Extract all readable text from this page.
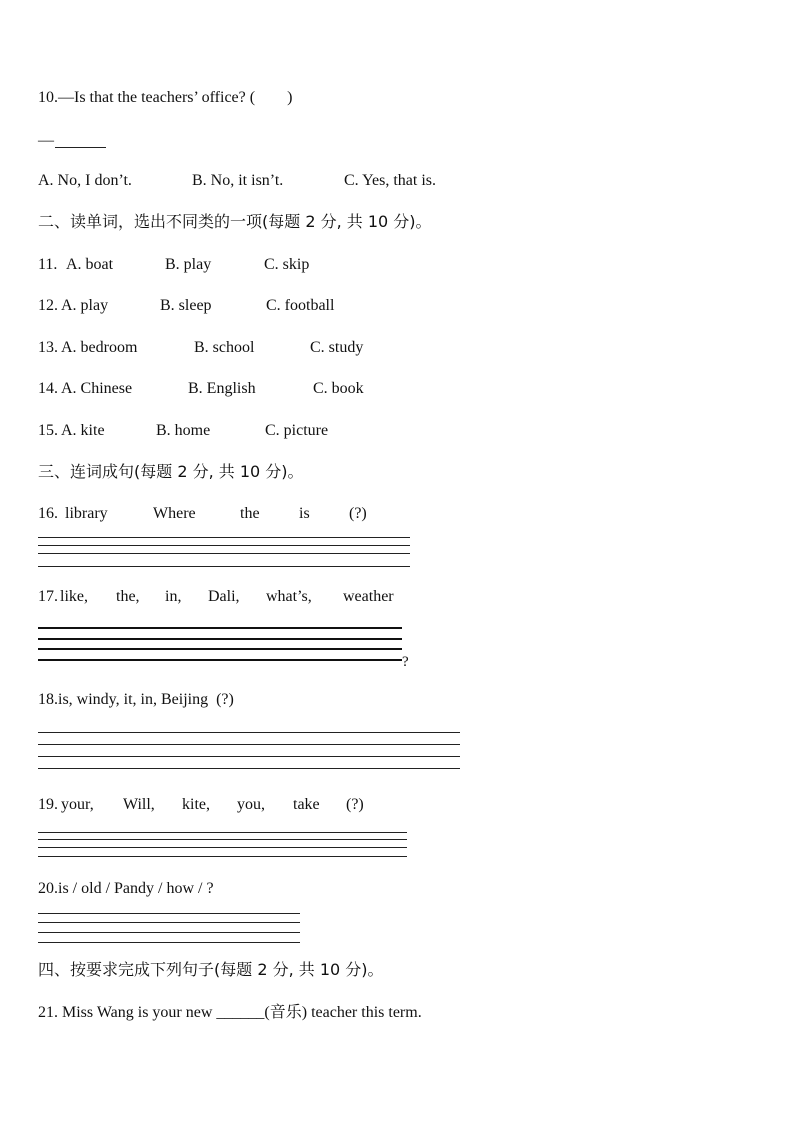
10.—Is that the teachers’ office? (　　)
—
A. No, I don’t.	B. No, it isn’t.	C. Yes, that is.
二、读单词，选出不同类的一项(每题 2 分, 共 10 分)。
11. A. boat	B. play	C. skip
12. A. play	B. sleep	C. football
13. A. bedroom	B. school	C. study
14. A. Chinese	B. English	C. book
15. A. kite	B. home	C. picture
三、连词成句(每题 2 分, 共 10 分)。
16. library	Where	the is (?)
17. like, the, in, Dali, what’s, weather
?
18.is, windy, it, in, Beijing  (?)
19. your, Will, kite, you, take (?)
20.is / old / Pandy / how / ?
四、按要求完成下列句子(每题 2 分, 共 10 分)。
21. Miss Wang is your new ______(音乐) teacher this term.
